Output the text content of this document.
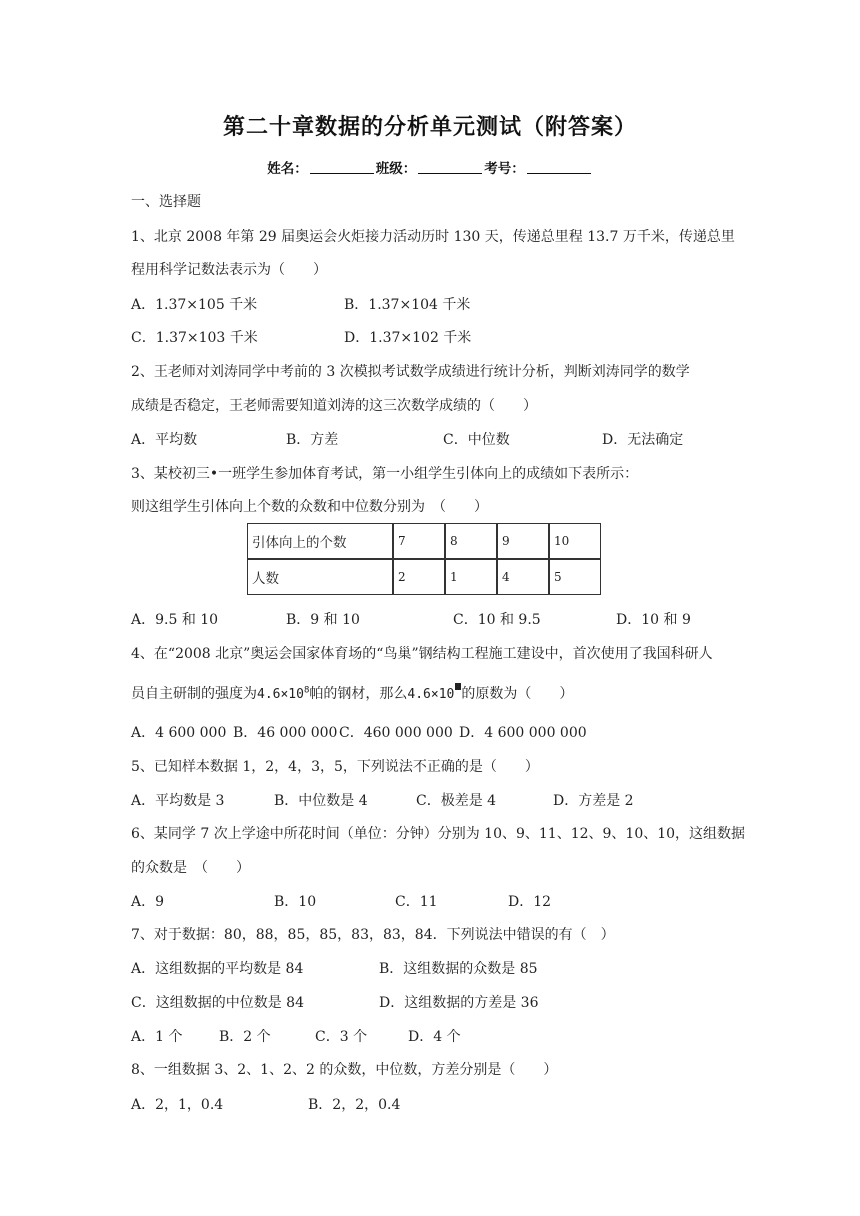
第二十章数据的分析单元测试（附答案）
姓名：	班级：	考号：
一、选择题
1、北京 2008 年第 29 届奥运会火炬接力活动历时 130 天，传递总里程 13.7 万千米，传递总里
程用科学记数法表示为（　　）
A．1.37×105 千米	B．1.37×104 千米
C．1.37×103 千米	D．1.37×102 千米
2、王老师对刘涛同学中考前的 3 次模拟考试数学成绩进行统计分析，判断刘涛同学的数学
成绩是否稳定，王老师需要知道刘涛的这三次数学成绩的（　　）
A．平均数	B．方差	C．中位数	D．无法确定
3、某校初三•一班学生参加体育考试，第一小组学生引体向上的成绩如下表所示：
则这组学生引体向上个数的众数和中位数分别为　（　　）
引体向上的个数	7	8	9	10
人数	2	1	4	5
A．9.5 和 10	B．9 和 10	C．10 和 9.5	D．10 和 9
4、在“2008 北京”奥运会国家体育场的“鸟巢”钢结构工程施工建设中，首次使用了我国科研人
员自主研制的强度为$4.6\times 10^8$帕的钢材，那么4.6×10 的原数为（　　）
A．4 600 000 B．46 000 000 C．460 000 000 D．4 600 000 000
5、已知样本数据 1，2，4，3，5，下列说法不正确的是（　　）
A．平均数是 3	B．中位数是 4	C．极差是 4	D．方差是 2
6、某同学 7 次上学途中所花时间（单位：分钟）分别为 10、9、11、12、9、10、10，这组数据
的众数是　（　　）
A．9	B．10	C．11	D．12
7、对于数据：80，88，85，85，83，83，84．下列说法中错误的有（　）
A．这组数据的平均数是 84	B．这组数据的众数是 85
C．这组数据的中位数是 84	D．这组数据的方差是 36
A．1 个	B．2 个	C．3 个	D．4 个
8、一组数据 3、2、1、2、2 的众数，中位数，方差分别是（　　）
A．2，1，0.4	B．2，2，0.4
